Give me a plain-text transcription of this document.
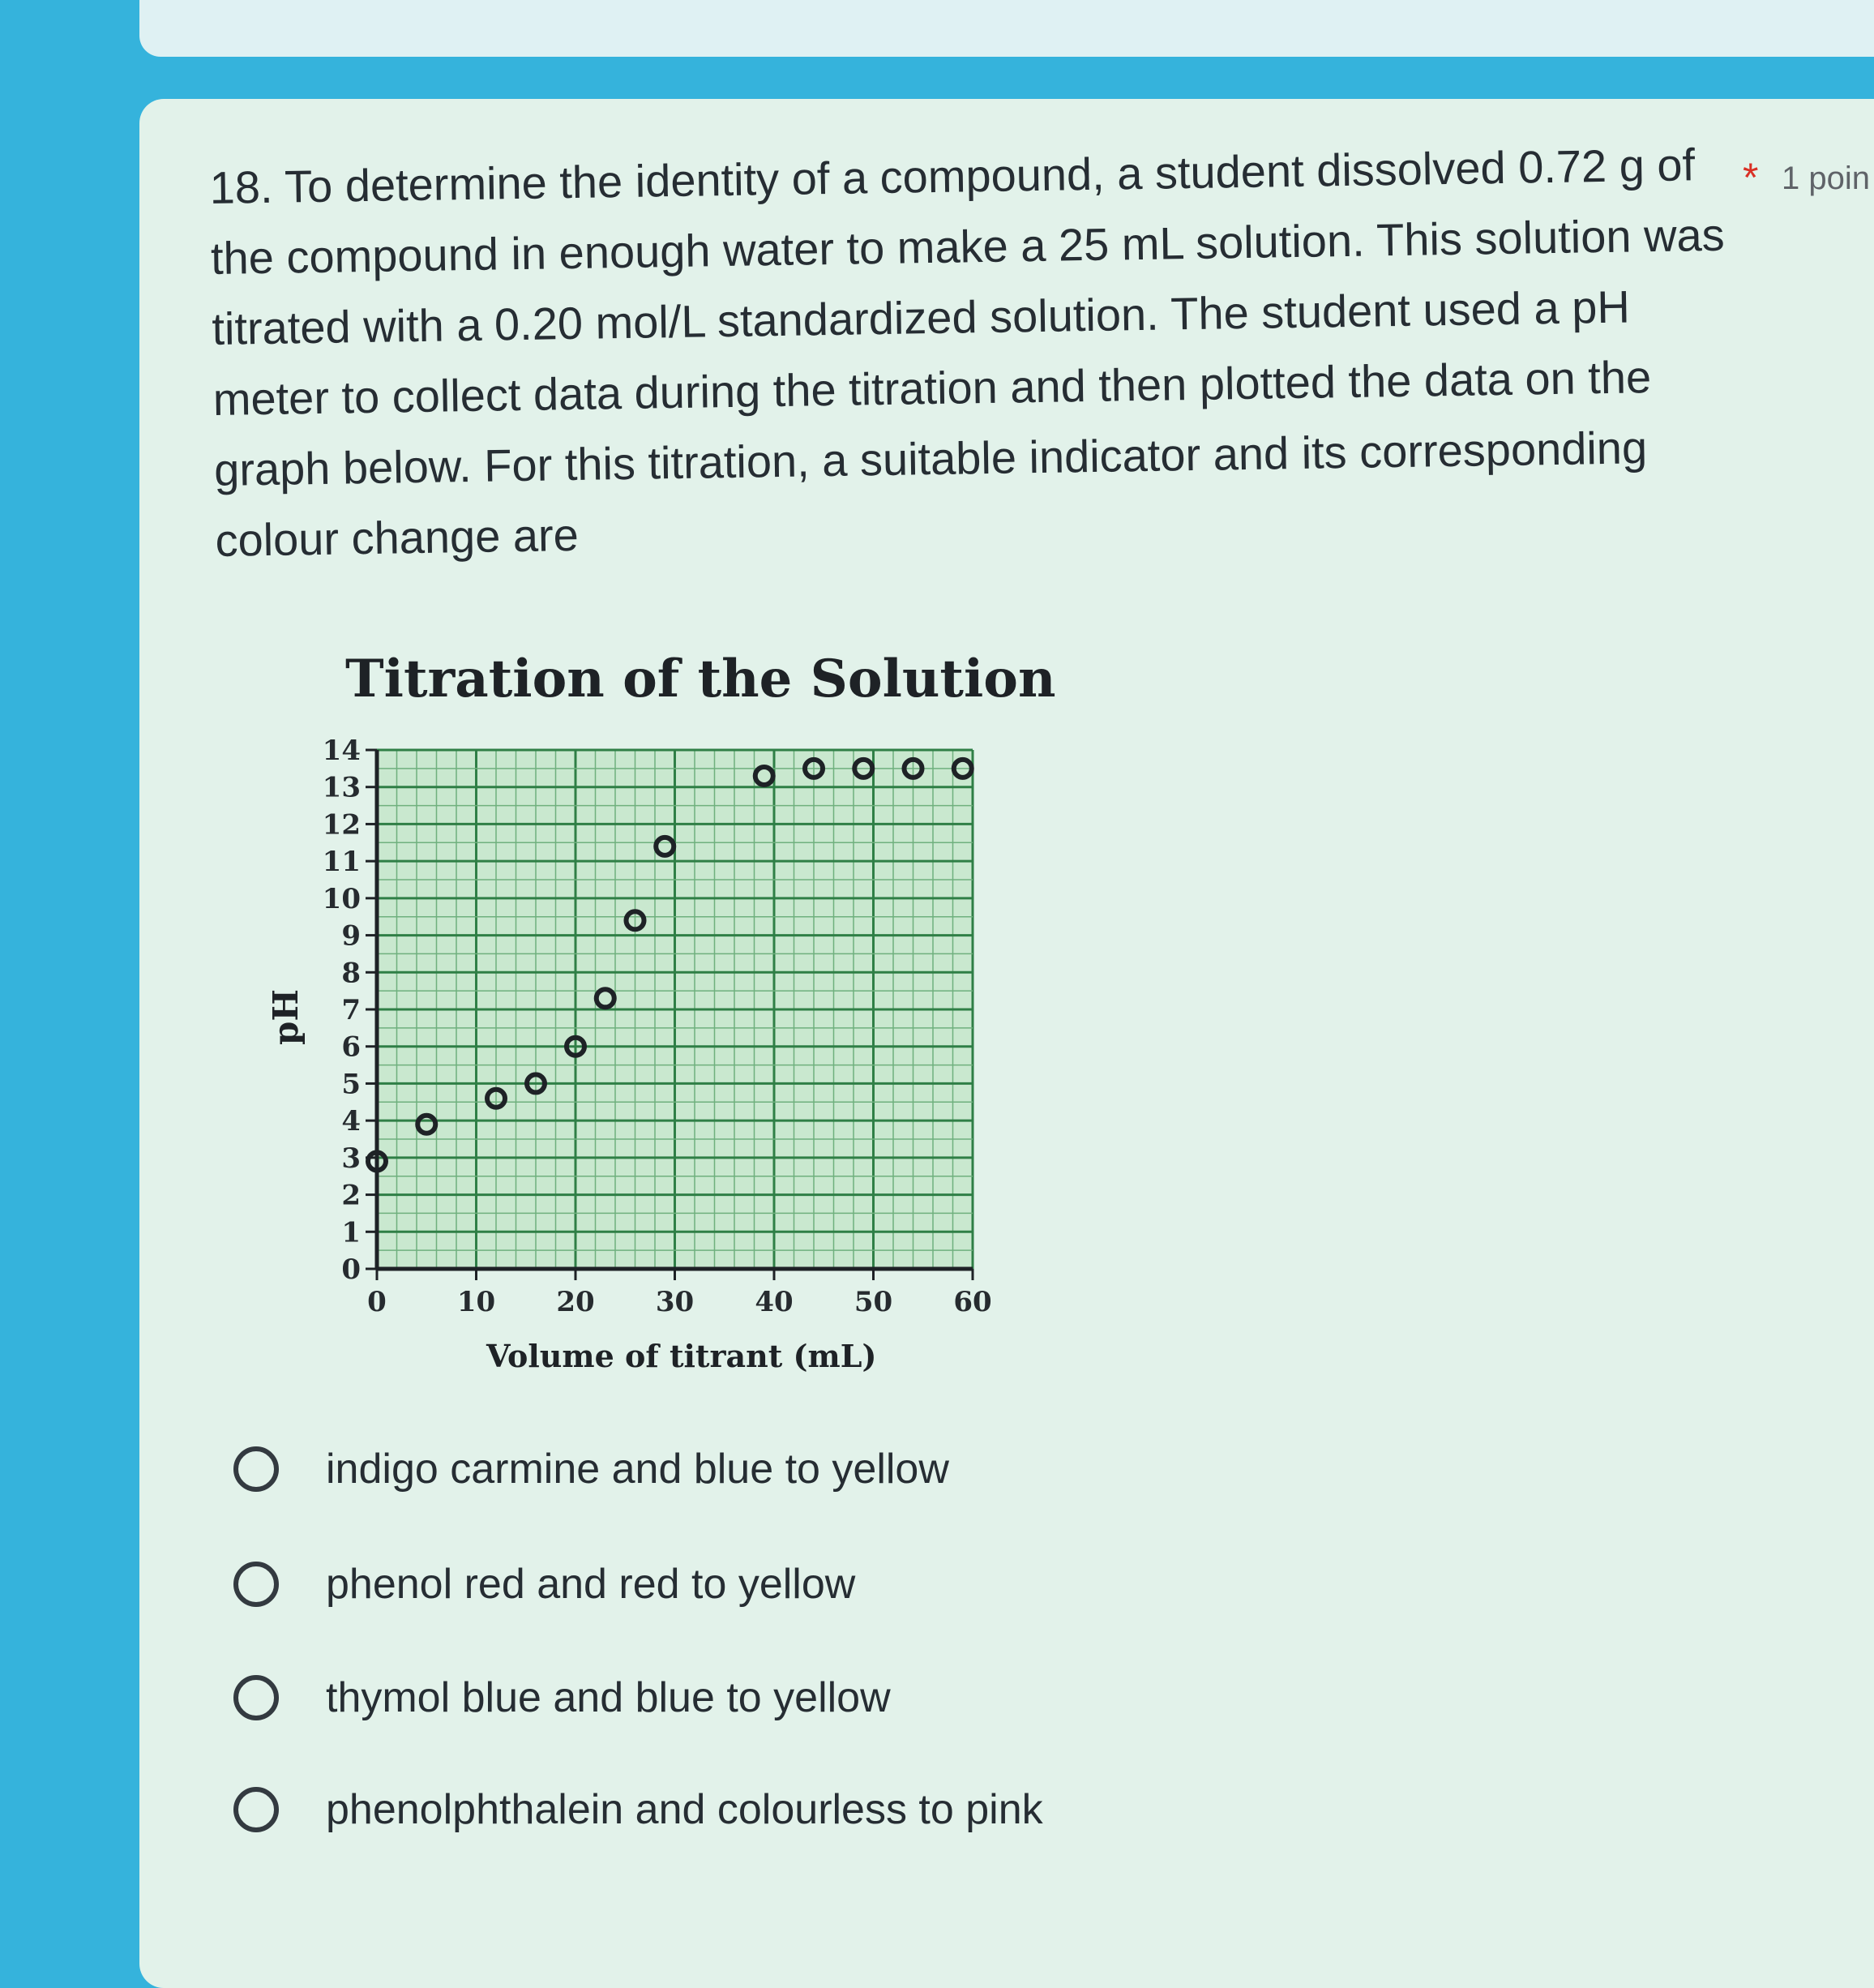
18. To determine the identity of a compound, a student dissolved 0.72 g of the compound in enough water to make a 25 mL solution. This solution was titrated with a 0.20 mol/L standardized solution. The student used a pH meter to collect data during the titration and then plotted the data on the graph below. For this titration, a suitable indicator and its corresponding colour change are
* 1 poin
Titration of the Solution
0
1
2
3
4
5
6
7
8
9
10
11
12
13
14
0	10 20 30 40 50 60
Volume of titrant (mL)
pH
indigo carmine and blue to yellow
phenol red and red to yellow
thymol blue and blue to yellow
phenolphthalein and colourless to pink
